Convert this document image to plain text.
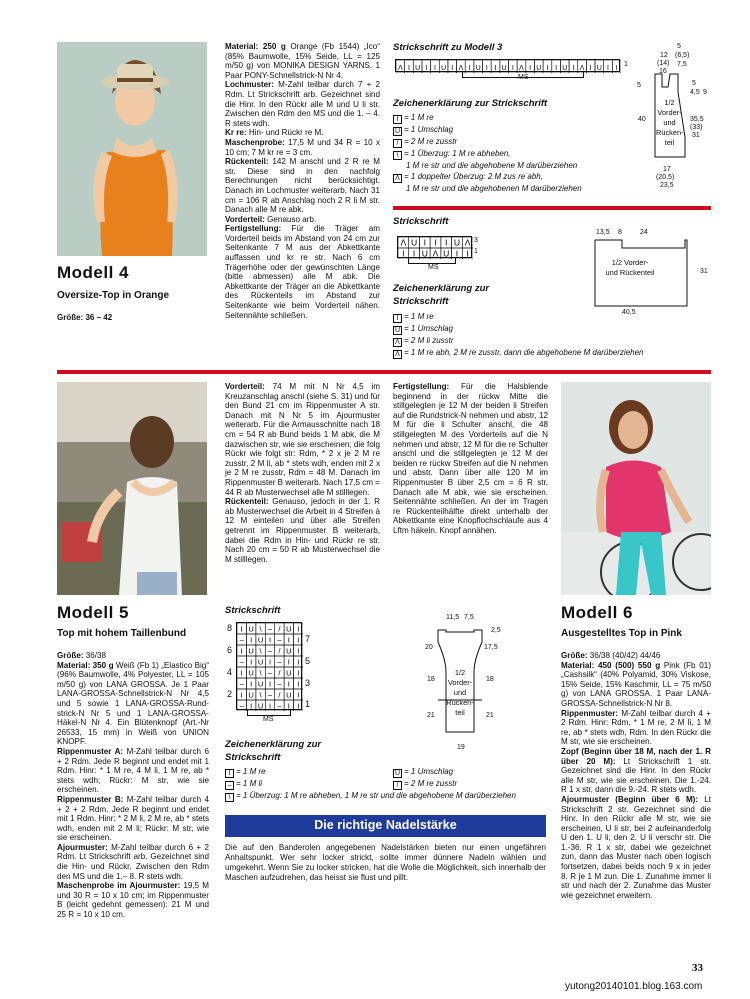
Modell 4
Oversize-Top in Orange
Größe: 36 – 42

Material: 250 g Orange (Fb 1544) „Ico“ (85% Baumwolle, 15% Seide, LL = 125 m/50 g) von MONIKA DESIGN YARNS. 1 Paar PONY-Schnellstrick-N Nr 4.

Lochmuster: M-Zahl teilbar durch 7 + 2 Rdm. Lt Strickschrift arb. Gezeichnet sind die Hinr. In den Rückr alle M und U li str. Zwischen den Rdm den MS und die 1. – 4. R stets wdh.

Kr re: Hin- und Rückr re M.

Maschenprobe: 17,5 M und 34 R = 10 x 10 cm; 7 M kr re = 3 cm.

Rückenteil: 142 M anschl und 2 R re M str. Diese sind in den nachfolg Berechnungen nicht berücksichtigt. Danach im Lochmuster weiterarb. Nach 31 cm = 106 R ab Anschlag noch 2 R li M str. Danach alle M re abk.

Vorderteil: Genauso arb.

Fertigstellung: Für die Träger am Vorderteil beids im Abstand von 24 cm zur Seitenkante 7 M aus der Abkettkante auffassen und kr re str. Nach 6 cm Trägerhöhe oder der gewünschten Länge (bitte abmessen) alle M abk. Die Abkettkante der Träger an die Abkettkante des Rückenteils im Abstand zur Seitenkante wie beim Vorderteil nähen. Seitennähte schließen.

Strickschrift zu Modell 3
Λ I U I I U I Λ I U I I U I Λ I U I I U I Λ I U I I
1
MS
Zeichenerklärung zur Strickschrift
I = 1 M re
U = 1 Umschlag
/ = 2 M re zusstr
\ = 1 Überzug: 1 M re abheben,
1 M re str und die abgehobene M darüberziehen
Λ = 1 doppelter Überzug: 2 M zus re abh,
1 M re str und die abgehobenen M darüberziehen
5
12
(14)
16
(6,5)
7,5
5	5
4,5 9
40	35,5
(33)
31
17
(20,5)
23,5
1/2 Vorder- und Rücken- teil
Strickschrift
Λ U I I I U Λ
I I U Λ U I I
3
1
MS
Zeichenerklärung zur Strickschrift
I = 1 M re
U = 1 Umschlag
Λ = 2 M li zusstr
Λ = 1 M re abh, 2 M re zusstr, dann die abgehobene M darüberziehen
13,5 8	24
31
40,5
1/2 Vorder- und Rückenteil
Modell 5
Top mit hohem Taillenbund

Größe: 36/38

Material: 350 g Weiß (Fb 1) „Elastico Big“ (96% Baumwolle, 4% Polyester, LL = 105 m/50 g) von LANA GROSSA. Je 1 Paar LANA-GROSSA-Schnellstrick-N Nr 4,5 und 5 sowie 1 LANA-GROSSA-Rund-strick-N Nr 5 und 1 LANA-GROSSA-Häkel-N Nr 4. Ein Blütenknopf (Art.-Nr 26533, 15 mm) in Weiß von UNION KNOPF.

Rippenmuster A: M-Zahl teilbar durch 6 + 2 Rdm. Jede R beginnt und endet mit 1 Rdm. Hinr: * 1 M re, 4 M li, 1 M re, ab * stets wdh; Rückr: M str, wie sie erscheinen.

Rippenmuster B: M-Zahl teilbar durch 4 + 2 + 2 Rdm. Jede R beginnt und endet mit 1 Rdm. Hinr: * 2 M li, 2 M re, ab * stets wdh, enden mit 2 M li; Rückr: M str, wie sie erscheinen.

Ajourmuster: M-Zahl teilbar durch 6 + 2 Rdm. Lt Strickschrift arb. Gezeichnet sind die Hin- und Rückr. Zwischen den Rdm den MS und die 1.– 8. R stets wdh.

Maschenprobe im Ajourmuster: 19,5 M und 30 R = 10 x 10 cm; im Rippenmuster B (leicht gedehnt gemessen): 21 M und 25 R = 10 x 10 cm.

Vorderteil: 74 M mit N Nr 4,5 im Kreuzanschlag anschl (siehe S. 31) und für den Bund 21 cm im Rippenmuster A str. Danach mit N Nr 5 im Ajourmuster weiterarb. Für die Armausschnitte nach 18 cm = 54 R ab Bund beids 1 M abk, die M dazwischen str, wie sie erscheinen; die folg Rückr wie folgt str: Rdm, * 2 x je 2 M re zusstr, 2 M li, ab * stets wdh, enden mit 2 x je 2 M re zusstr, Rdm = 48 M. Danach im Rippenmuster B weiterarb. Nach 17,5 cm = 44 R ab Musterwechsel alle M stilllegen.

Rückenteil: Genauso, jedoch in der 1. R ab Musterwechsel die Arbeit in 4 Streifen à 12 M einteilen und über alle Streifen getrennt im Rippenmuster B weiterarb, dabei die Rdm in Hin- und Rückr re str. Nach 20 cm = 50 R ab Musterwechsel die M stilllegen.

Fertigstellung: Für die Halsblende beginnend in der rückw Mitte die stillgelegten je 12 M der beiden li Streifen auf die Rundstrick-N nehmen und abstr, 12 M für die li Schulter anschl, die 48 stillgelegten M des Vorderteils auf die N nehmen und abstr, 12 M für die re Schulter anschl und die stillgelegten je 12 M der beiden re rückw Streifen auf die N nehmen und abstr. Dann über alle 120 M im Rippenmuster B über 2,5 cm = 6 R str. Danach alle M abk, wie sie erscheinen. Seitennähte schließen. An der im Tragen re Rückenteilhälfte direkt unterhalb der Abkettkante eine Knopflochschlaufe aus 4 Lftm häkeln. Knopf annähen.

Strickschrift
I U \ – / U I
– I U I – I I
I U \ – / U I
– I U I – I I
I U \ – / U I
– I U I – I I
I U \ – / U I
– I U I – I I
8
6
4
2
7
5
3
1
MS
Zeichenerklärung zur Strickschrift
I = 1 M re
– = 1 M li
\ = 1 Überzug: 1 M re abheben, 1 M re str und die abgehobene M darüberziehen
U = 1 Umschlag
/ = 2 M re zusstr
11,5 7,5
2,5
20	17,5
18	18
21	21
19
1/2 Vorder- und Rücken- teil
Die richtige Nadelstärke
Die auf den Banderolen angegebenen Nadelstärken bieten nur einen ungefähren Anhaltspunkt. Wer sehr locker strickt, sollte immer dünnere Nadeln wählen und umgekehrt. Wenn Sie zu locker stricken, hat die Wolle die Möglichkeit, sich innerhalb der Maschen aufzudrehen, das heisst sie flust und pillt.
Modell 6
Ausgestelltes Top in Pink

Größe: 36/38 (40/42) 44/46

Material: 450 (500) 550 g Pink (Fb 01) „Cashsilk“ (40% Polyamid, 30% Viskose, 15% Seide, 15% Kaschmir, LL = 75 m/50 g) von LANA GROSSA. 1 Paar LANA-GROSSA-Schnellstrick-N Nr 8.

Rippenmuster: M-Zahl teilbar durch 4 + 2 Rdm. Hinr: Rdm, * 1 M re, 2 M li, 1 M re, ab * stets wdh, Rdm. In den Rückr die M str, wie sie erscheinen.

Zopf (Beginn über 18 M, nach der 1. R über 20 M): Lt Strickschrift 1 str. Gezeichnet sind die Hinr. In den Rückr alle M str, wie sie erscheinen. Die 1.-24. R 1 x str, dann die 9.-24. R stets wdh.

Ajourmuster (Beginn über 6 M): Lt Strickschrift 2 str. Gezeichnet sind die Hinr. In den Rückr alle M str, wie sie erscheinen, U li str, bei 2 aufeinanderfolg U den 1. U li, den 2. U li verschr str. Die 1.-36. R 1 x str, dabei wie gezeichnet zun, dann das Muster nach oben logisch fortsetzen, dabei beids noch 9 x in jeder 8. R je 1 M zun. Die 1. Zunahme immer li str und nach der 2. Zunahme das Muster wie gezeichnet erweitern.

33
yutong20140101.blog.163.com
